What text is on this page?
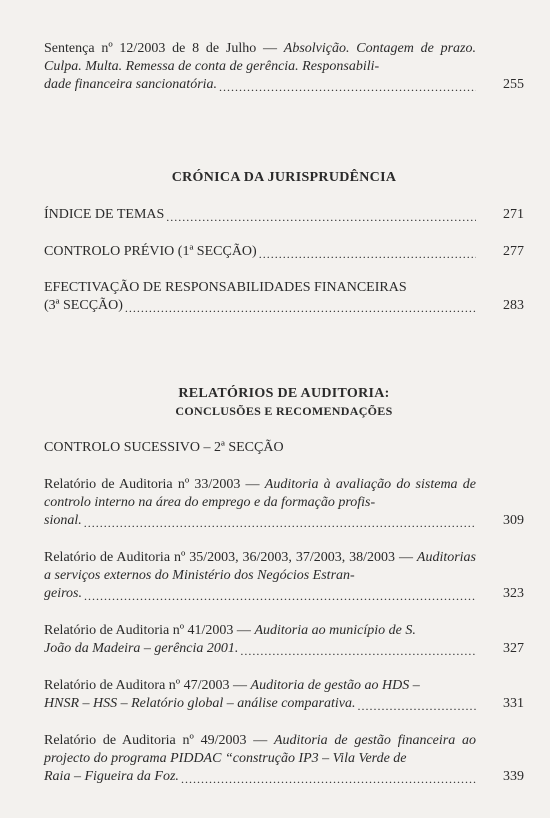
Sentença nº 12/2003 de 8 de Julho — Absolvição. Contagem de prazo. Culpa. Multa. Remessa de conta de gerência. Responsabili-
dade financeira sancionatória. .....	255
CRÓNICA DA JURISPRUDÊNCIA
ÍNDICE DE TEMAS .....	271
CONTROLO PRÉVIO (1ª SECÇÃO) .....	277
EFECTIVAÇÃO DE RESPONSABILIDADES FINANCEIRAS
(3ª SECÇÃO) .....	283
RELATÓRIOS DE AUDITORIA:
CONCLUSÕES E RECOMENDAÇÕES
CONTROLO SUCESSIVO – 2ª SECÇÃO
Relatório de Auditoria nº 33/2003 — Auditoria à avaliação do sistema de controlo interno na área do emprego e da formação profis-
sional. .....	309
Relatório de Auditoria nº 35/2003, 36/2003, 37/2003, 38/2003 — Auditorias a serviços externos do Ministério dos Negócios Estran-
geiros. .....	323
Relatório de Auditoria nº 41/2003 — Auditoria ao município de S.
João da Madeira – gerência 2001. .....	327
Relatório de Auditora nº 47/2003 — Auditoria de gestão ao HDS –
HNSR – HSS – Relatório global – análise comparativa. .....	331
Relatório de Auditoria nº 49/2003 — Auditoria de gestão financeira ao projecto do programa PIDDAC “construção IP3 – Vila Verde de
Raia – Figueira da Foz. .....	339
